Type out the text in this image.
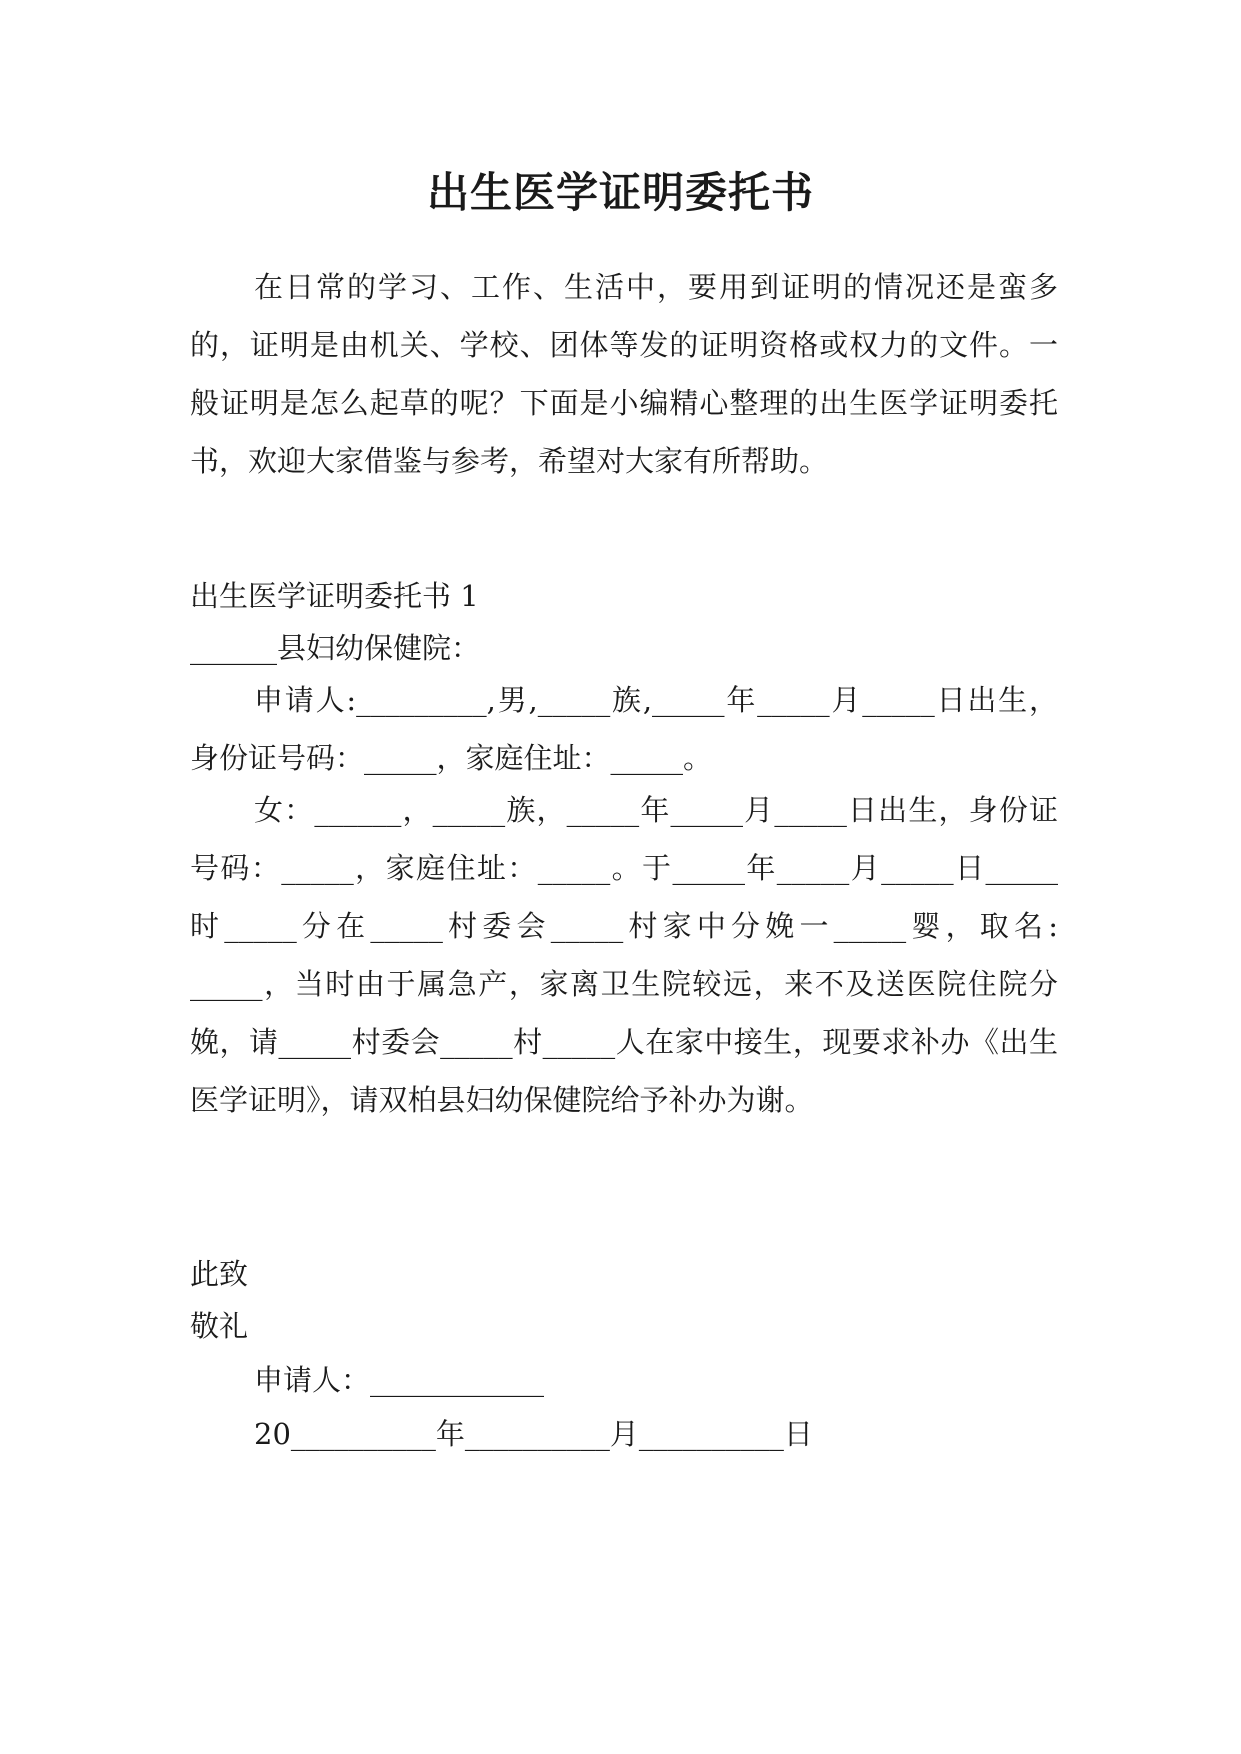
出生医学证明委托书

在日常的学习、工作、生活中，要用到证明的情况还是蛮多的，证明是由机关、学校、团体等发的证明资格或权力的文件。一般证明是怎么起草的呢？下面是小编精心整理的出生医学证明委托书，欢迎大家借鉴与参考，希望对大家有所帮助。

出生医学证明委托书 1

______县妇幼保健院：

申请人:_________,男,_____族,_____年_____月_____日出生，身份证号码：_____，家庭住址：_____。

女：______，_____族，_____年_____月_____日出生，身份证号码：_____，家庭住址：_____。于_____年_____月_____日_____时_____分在_____村委会_____村家中分娩一_____婴，取名: _____，当时由于属急产，家离卫生院较远，来不及送医院住院分娩，请_____村委会_____村_____人在家中接生，现要求补办《出生医学证明》，请双柏县妇幼保健院给予补办为谢。

此致

敬礼

申请人：____________

20__________年__________月__________日
